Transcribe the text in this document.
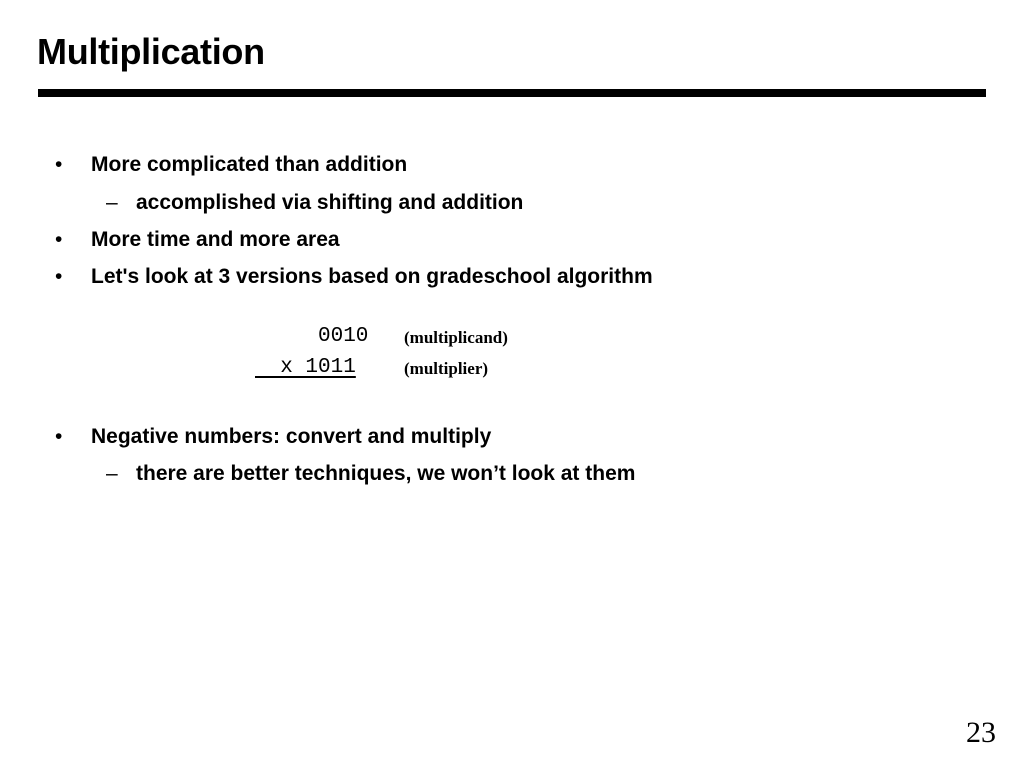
Multiplication
• More complicated than addition
– accomplished via shifting and addition
• More time and more area
• Let's look at 3 versions based on gradeschool algorithm
0010 (multiplicand)
x 1011	(multiplier)
• Negative numbers: convert and multiply
– there are better techniques, we won’t look at them
23
